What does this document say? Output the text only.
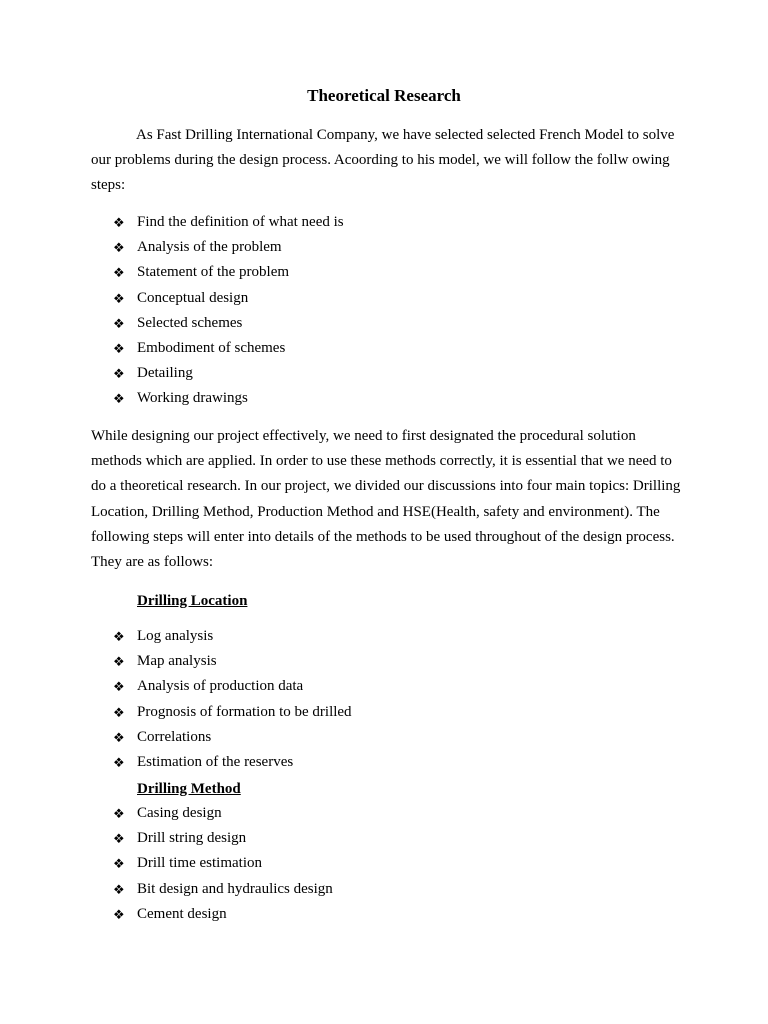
Theoretical Research

As Fast Drilling International Company, we have selected selected French Model to solve our problems during the design process. Acoording to his model, we will follow the follw owing steps:

❖ Find the definition of what need is
❖ Analysis of the problem
❖ Statement of the problem
❖ Conceptual design
❖ Selected schemes
❖ Embodiment of schemes
❖ Detailing
❖ Working drawings

While designing our project effectively, we need to first designated the procedural solution methods which are applied. In order to use these methods correctly, it is essential that we need to do a theoretical research. In our project, we divided our discussions into four main topics: Drilling Location, Drilling Method, Production Method and HSE(Health, safety and environment). The following steps will enter into details of the methods to be used throughout of the design process. They are as follows:

Drilling Location
❖ Log analysis
❖ Map analysis
❖ Analysis of production data
❖ Prognosis of formation to be drilled
❖ Correlations
❖ Estimation of the reserves
Drilling Method
❖ Casing design
❖ Drill string design
❖ Drill time estimation
❖ Bit design and hydraulics design
❖ Cement design
